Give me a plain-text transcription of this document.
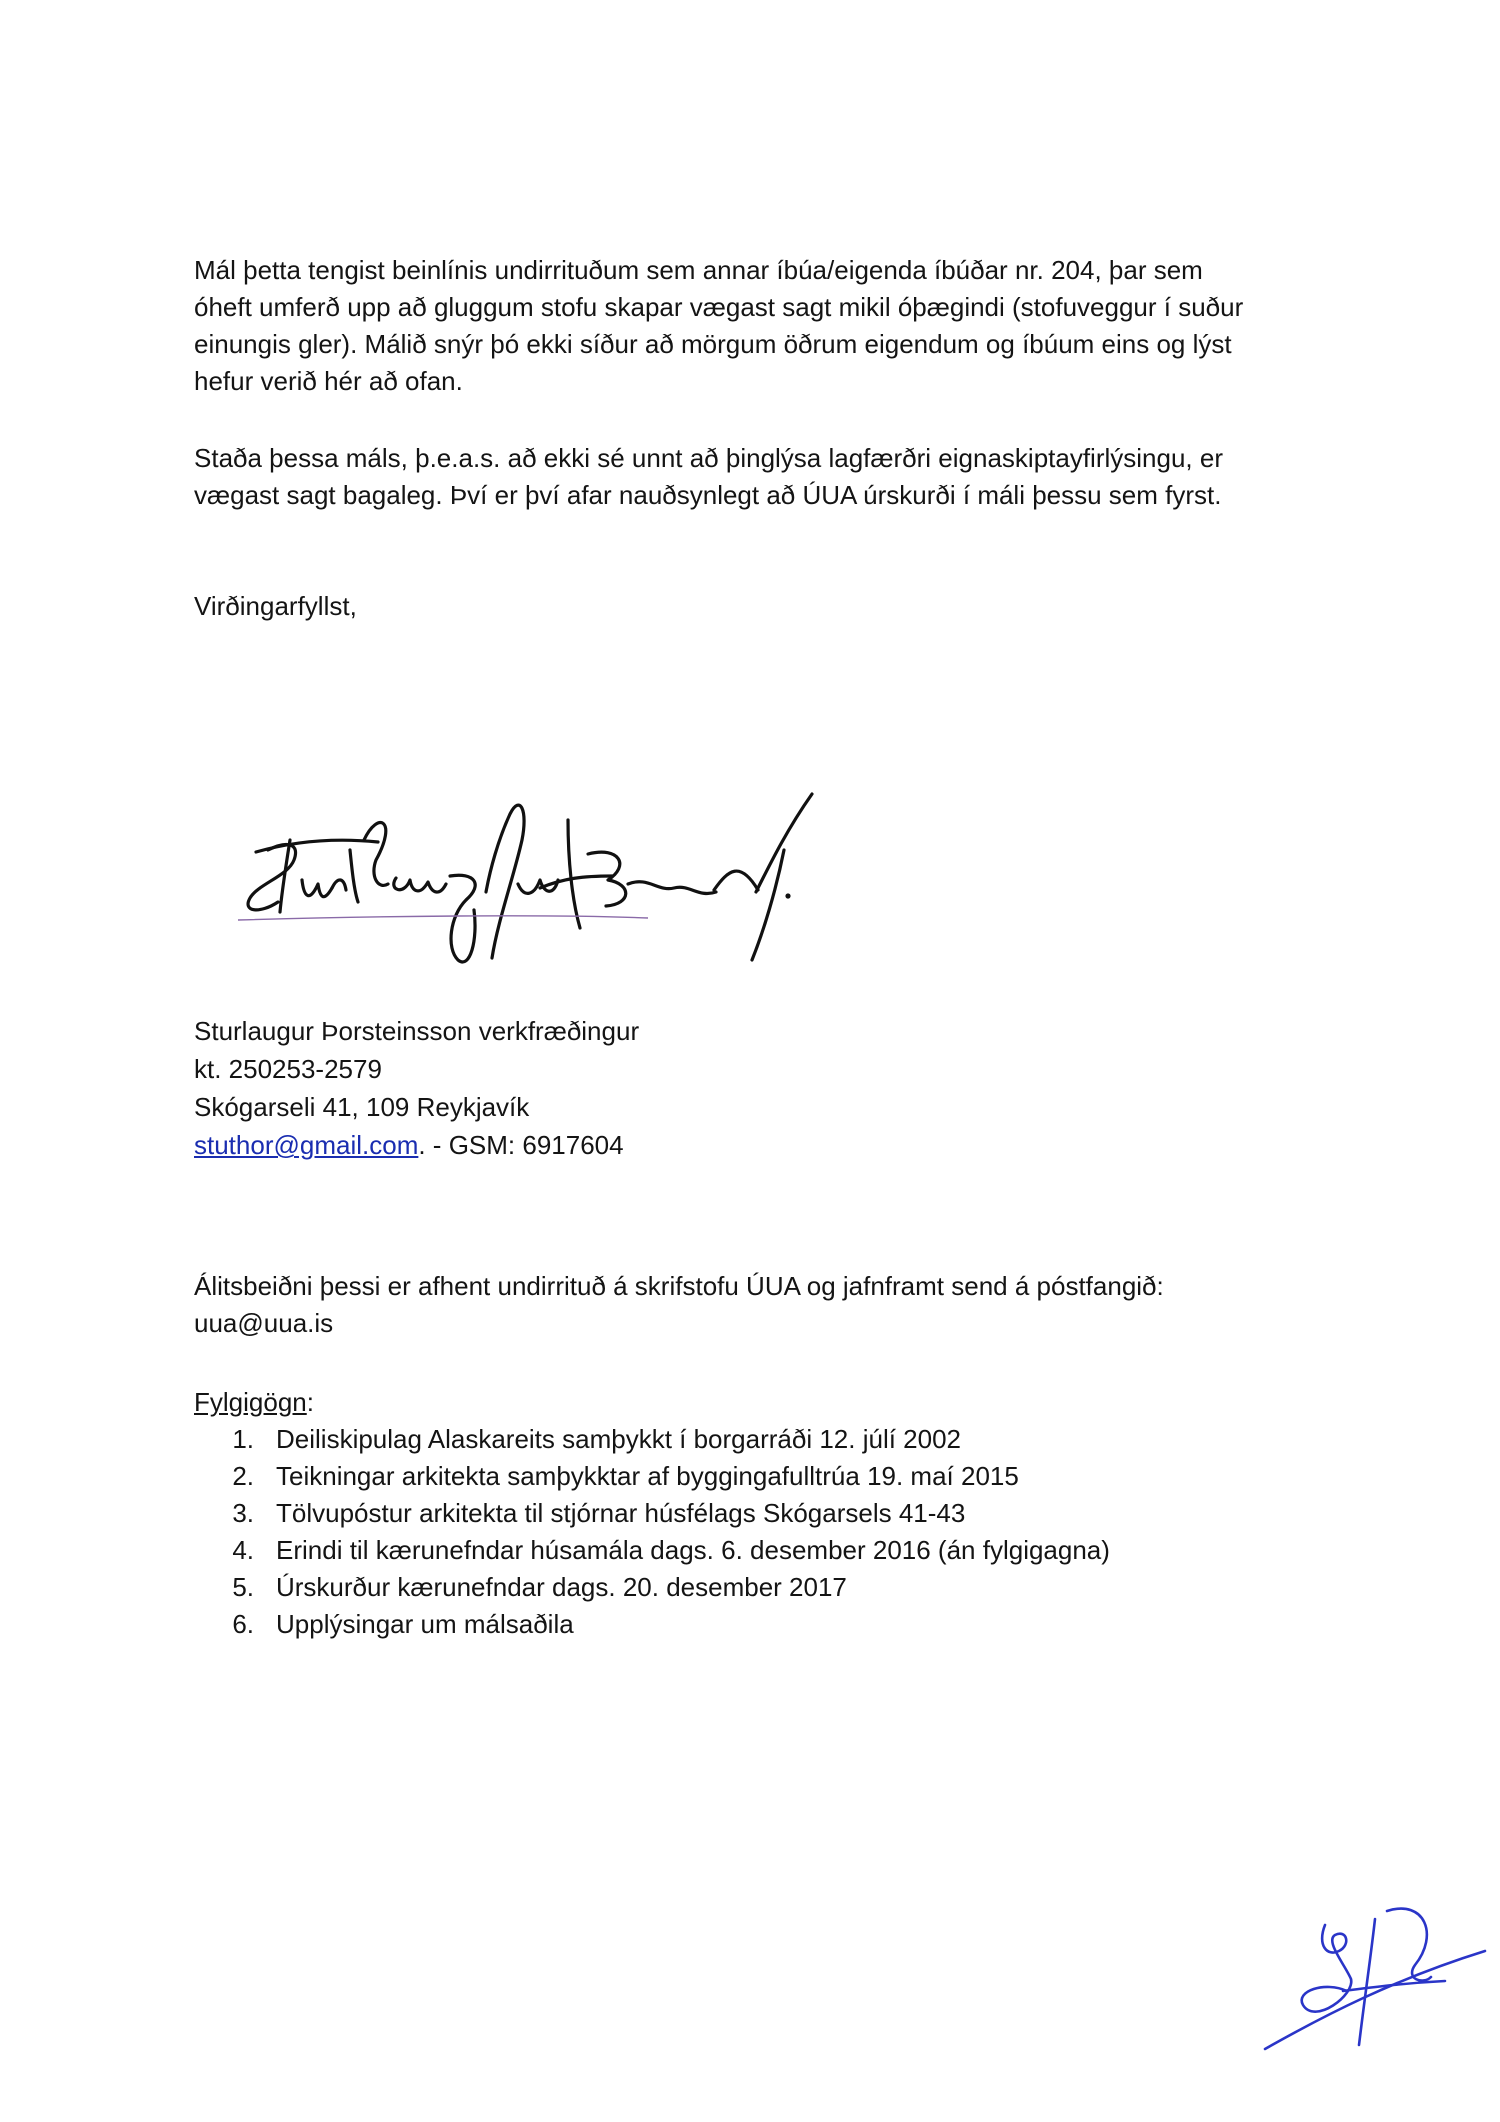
Mál þetta tengist beinlínis undirrituðum sem annar íbúa/eigenda íbúðar nr. 204, þar sem
óheft umferð upp að gluggum stofu skapar vægast sagt mikil óþægindi (stofuveggur í suður
einungis gler). Málið snýr þó ekki síður að mörgum öðrum eigendum og íbúum eins og lýst
hefur verið hér að ofan.

Staða þessa máls, þ.e.a.s. að ekki sé unnt að þinglýsa lagfærðri eignaskiptayfirlýsingu, er
vægast sagt bagaleg. Því er því afar nauðsynlegt að ÚUA úrskurði í máli þessu sem fyrst.

Virðingarfyllst,

Sturlaugur Þorsteinsson verkfræðingur
kt. 250253-2579
Skógarseli 41, 109 Reykjavík
stuthor@gmail.com. - GSM: 6917604

Álitsbeiðni þessi er afhent undirrituð á skrifstofu ÚUA og jafnframt send á póstfangið:
uua@uua.is

Fylgigögn:

1. Deiliskipulag Alaskareits samþykkt í borgarráði 12. júlí 2002
2. Teikningar arkitekta samþykktar af byggingafulltrúa 19. maí 2015
3. Tölvupóstur arkitekta til stjórnar húsfélags Skógarsels 41-43
4. Erindi til kærunefndar húsamála dags. 6. desember 2016 (án fylgigagna)
5. Úrskurður kærunefndar dags. 20. desember 2017
6. Upplýsingar um málsaðila
